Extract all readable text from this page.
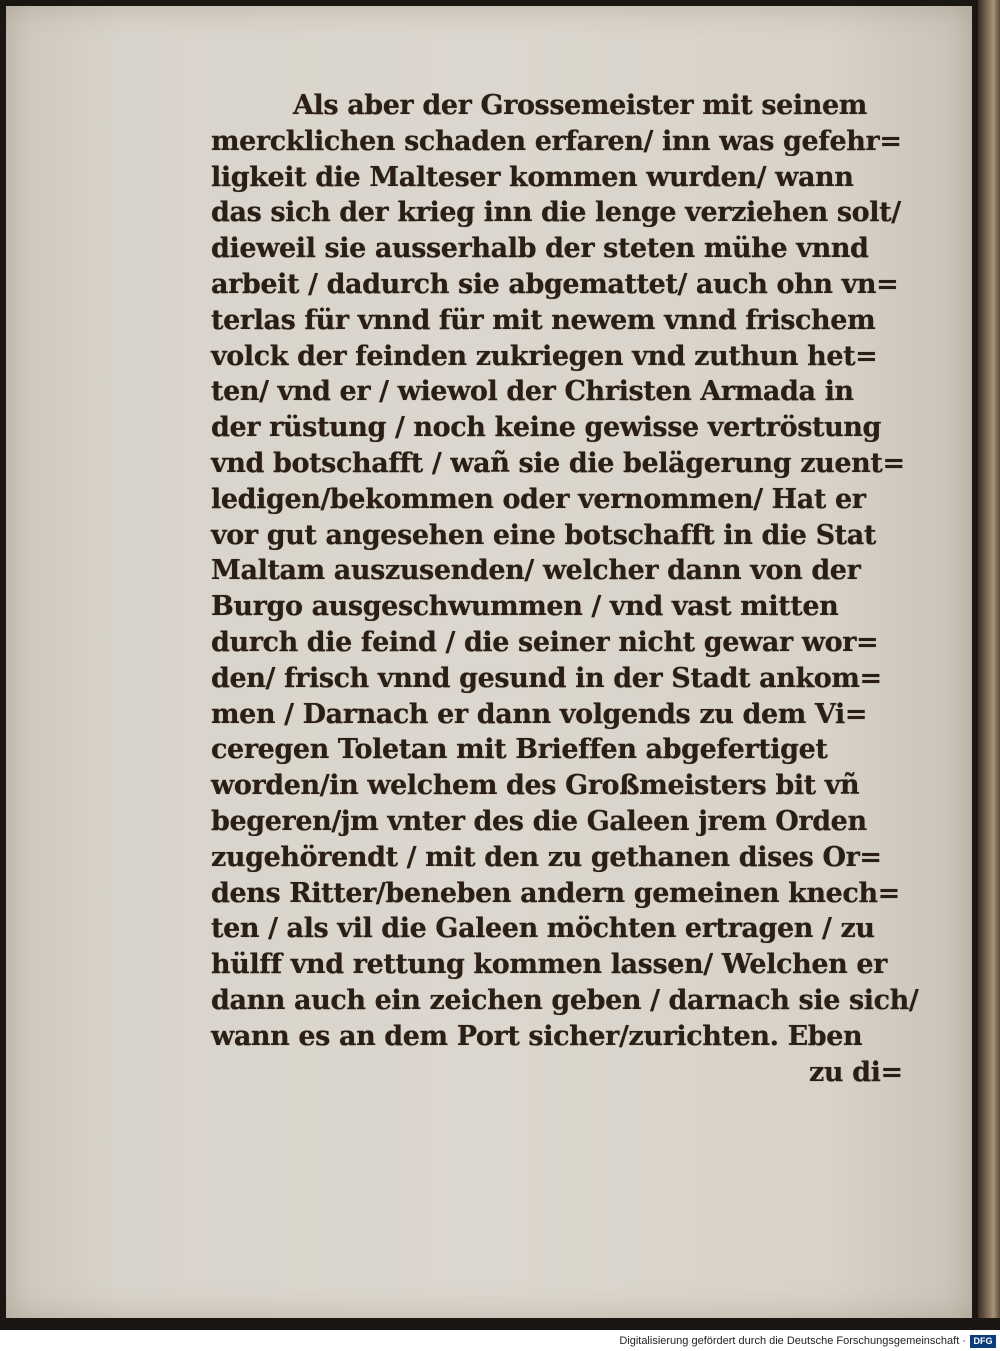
Als aber der Grossemeister mit seinem
mercklichen schaden erfaren/ inn was gefehr=
ligkeit die Malteser kommen wurden/ wann
das sich der krieg inn die lenge verziehen solt/
dieweil sie ausserhalb der steten mühe vnnd
arbeit / dadurch sie abgemattet/ auch ohn vn=
terlas für vnnd für mit newem vnnd frischem
volck der feinden zukriegen vnd zuthun het=
ten/ vnd er / wiewol der Christen Armada in
der rüstung / noch keine gewisse vertröstung
vnd botschafft / wañ sie die belägerung zuent=
ledigen/bekommen oder vernommen/ Hat er
vor gut angesehen eine botschafft in die Stat
Maltam auszusenden/ welcher dann von der
Burgo ausgeschwummen / vnd vast mitten
durch die feind / die seiner nicht gewar wor=
den/ frisch vnnd gesund in der Stadt ankom=
men / Darnach er dann volgends zu dem Vi=
ceregen Toletan mit Brieffen abgefertiget
worden/in welchem des Großmeisters bit vñ
begeren/jm vnter des die Galeen jrem Orden
zugehörendt / mit den zu gethanen dises Or=
dens Ritter/beneben andern gemeinen knech=
ten / als vil die Galeen möchten ertragen / zu
hülff vnd rettung kommen lassen/ Welchen er
dann auch ein zeichen geben / darnach sie sich/
wann es an dem Port sicher/zurichten. Eben
zu di=
Digitalisierung gefördert durch die Deutsche Forschungsgemeinschaft · DFG
